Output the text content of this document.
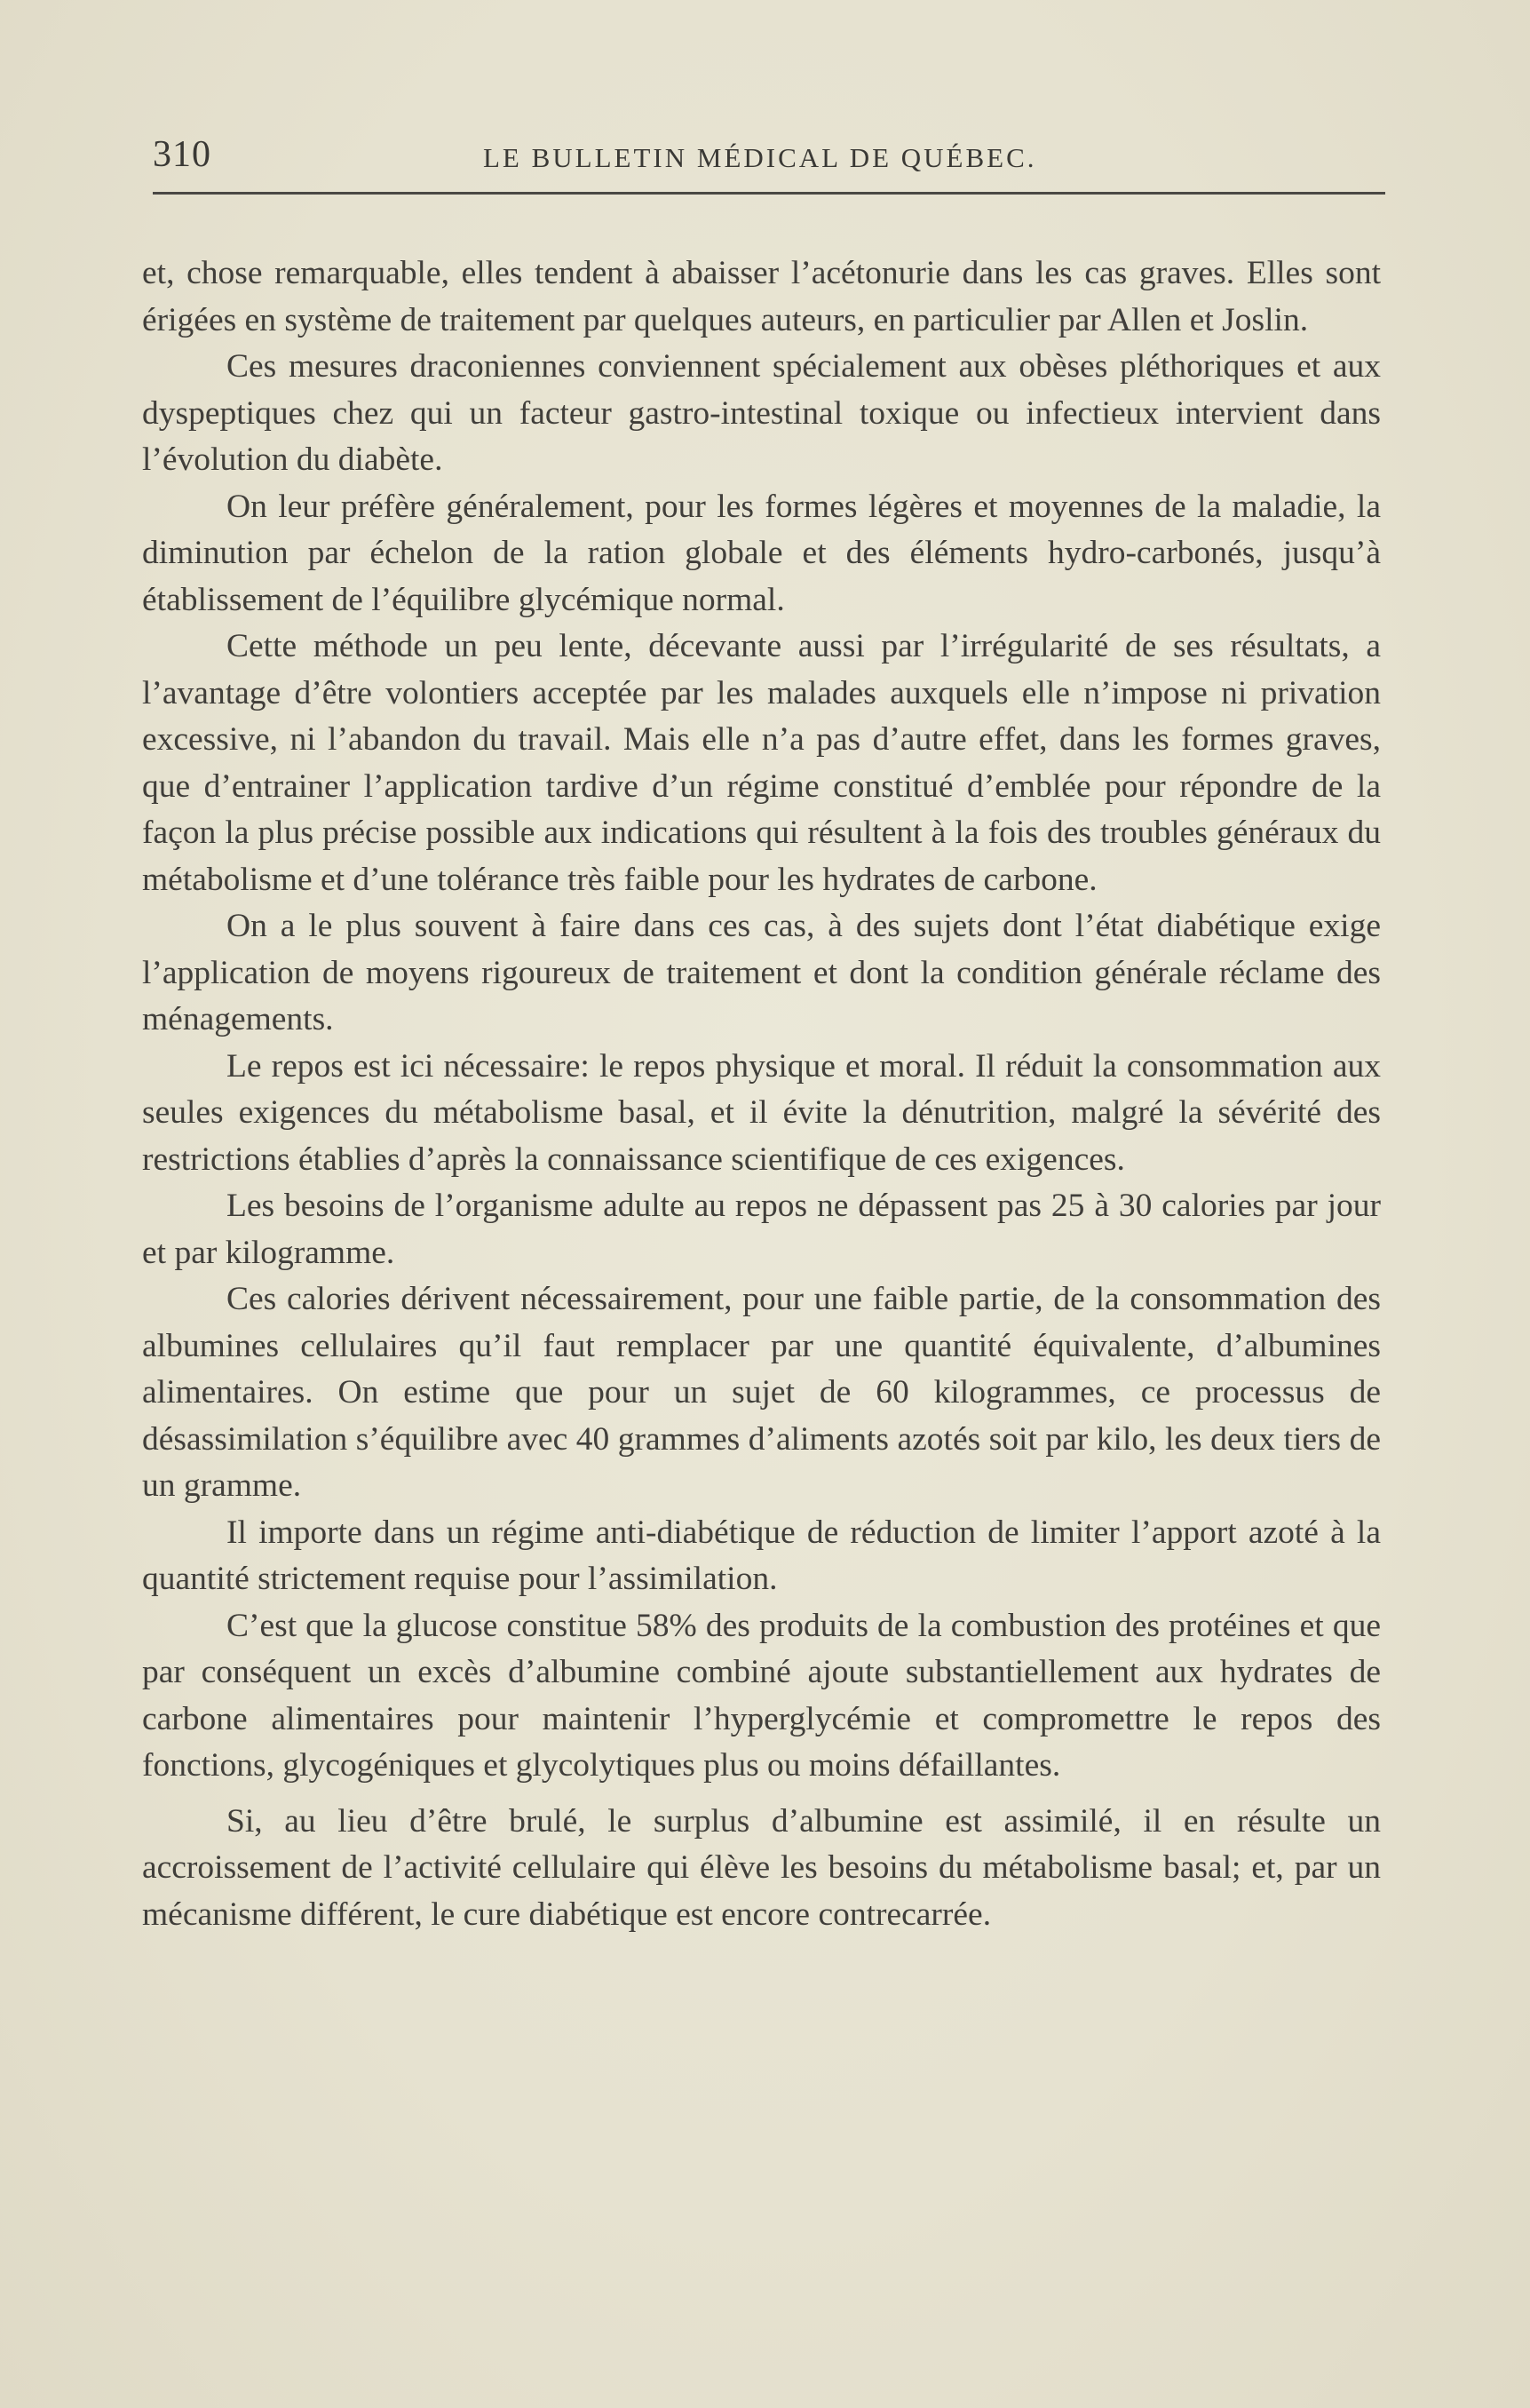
310	LE BULLETIN MÉDICAL DE QUÉBEC.

et, chose remarquable, elles tendent à abaisser l’acétonurie dans les cas graves. Elles sont érigées en système de traitement par quelques auteurs, en particulier par Allen et Joslin.

Ces mesures draconiennes conviennent spécialement aux obèses pléthoriques et aux dyspeptiques chez qui un facteur gastro-intestinal toxique ou infectieux intervient dans l’évolution du diabète.

On leur préfère généralement, pour les formes légères et moyennes de la maladie, la diminution par échelon de la ration globale et des éléments hydro-carbonés, jusqu’à établissement de l’équilibre glycémique normal.

Cette méthode un peu lente, décevante aussi par l’irrégularité de ses résultats, a l’avantage d’être volontiers acceptée par les malades auxquels elle n’impose ni privation excessive, ni l’abandon du travail. Mais elle n’a pas d’autre effet, dans les formes graves, que d’entrainer l’application tardive d’un régime constitué d’emblée pour répondre de la façon la plus précise possible aux indications qui résultent à la fois des troubles généraux du métabolisme et d’une tolérance très faible pour les hydrates de carbone.

On a le plus souvent à faire dans ces cas, à des sujets dont l’état diabétique exige l’application de moyens rigoureux de traitement et dont la condition générale réclame des ménagements.

Le repos est ici nécessaire: le repos physique et moral. Il réduit la consommation aux seules exigences du métabolisme basal, et il évite la dénutrition, malgré la sévérité des restrictions établies d’après la connaissance scientifique de ces exigences.

Les besoins de l’organisme adulte au repos ne dépassent pas 25 à 30 calories par jour et par kilogramme.

Ces calories dérivent nécessairement, pour une faible partie, de la consommation des albumines cellulaires qu’il faut remplacer par une quantité équivalente, d’albumines alimentaires. On estime que pour un sujet de 60 kilogrammes, ce processus de désassimilation s’équilibre avec 40 grammes d’aliments azotés soit par kilo, les deux tiers de un gramme.

Il importe dans un régime anti-diabétique de réduction de limiter l’apport azoté à la quantité strictement requise pour l’assimilation.

C’est que la glucose constitue 58% des produits de la combustion des protéines et que par conséquent un excès d’albumine combiné ajoute substantiellement aux hydrates de carbone alimentaires pour maintenir l’hyperglycémie et compromettre le repos des fonctions, glycogéniques et glycolytiques plus ou moins défaillantes.

Si, au lieu d’être brulé, le surplus d’albumine est assimilé, il en résulte un accroissement de l’activité cellulaire qui élève les besoins du métabolisme basal; et, par un mécanisme différent, le cure diabétique est encore contrecarrée.
